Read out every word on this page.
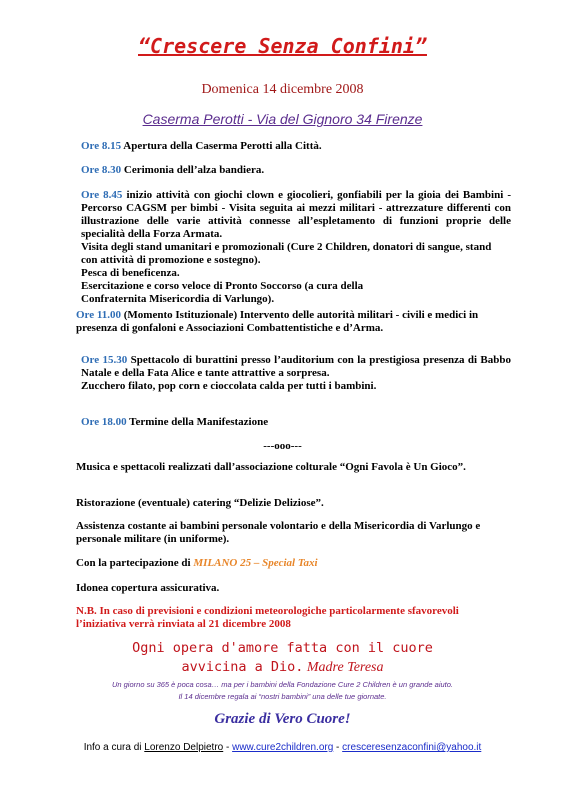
“Crescere Senza Confini”
Domenica 14 dicembre 2008
Caserma Perotti - Via del Gignoro 34 Firenze
Ore 8.15 Apertura della Caserma Perotti alla Città.
Ore 8.30 Cerimonia dell’alza bandiera.
Ore 8.45 inizio attività con giochi clown e giocolieri, gonfiabili per la gioia dei Bambini - Percorso CAGSM per bimbi - Visita seguita ai mezzi militari - attrezzature differenti con illustrazione delle varie attività connesse all’espletamento di funzioni proprie delle specialità della Forza Armata.
Visita degli stand umanitari e promozionali (Cure 2 Children, donatori di sangue, stand con attività di promozione e sostegno).
Pesca di beneficenza.
Esercitazione e corso veloce di Pronto Soccorso (a cura della Confraternita Misericordia di Varlungo).
Ore 11.00 (Momento Istituzionale) Intervento delle autorità militari - civili e medici in presenza di gonfaloni e Associazioni Combattentistiche e d’Arma.
Ore 15.30 Spettacolo di burattini presso l’auditorium con la prestigiosa presenza di Babbo Natale e della Fata Alice e tante attrattive a sorpresa.
Zucchero filato, pop corn e cioccolata calda per tutti i bambini.
Ore 18.00 Termine della Manifestazione
---ooo---
Musica e spettacoli realizzati dall’associazione colturale “Ogni Favola è Un Gioco”.
Ristorazione (eventuale) catering “Delizie Deliziose”.
Assistenza costante ai bambini personale volontario e della Misericordia di Varlungo e personale militare (in uniforme).
Con la partecipazione di MILANO 25 – Special Taxi
Idonea copertura assicurativa.
N.B. In caso di previsioni e condizioni meteorologiche particolarmente sfavorevoli l’iniziativa verrà rinviata al 21 dicembre 2008
Ogni opera d'amore fatta con il cuore
avvicina a Dio. Madre Teresa
Un giorno su 365 è poca cosa… ma per i bambini della Fondazione Cure 2 Children è un grande aiuto.
Il 14 dicembre regala ai “nostri bambini” una delle tue giornate.
Grazie di Vero Cuore!
Info a cura di Lorenzo Delpietro - www.cure2children.org - cresceresenzaconfini@yahoo.it
